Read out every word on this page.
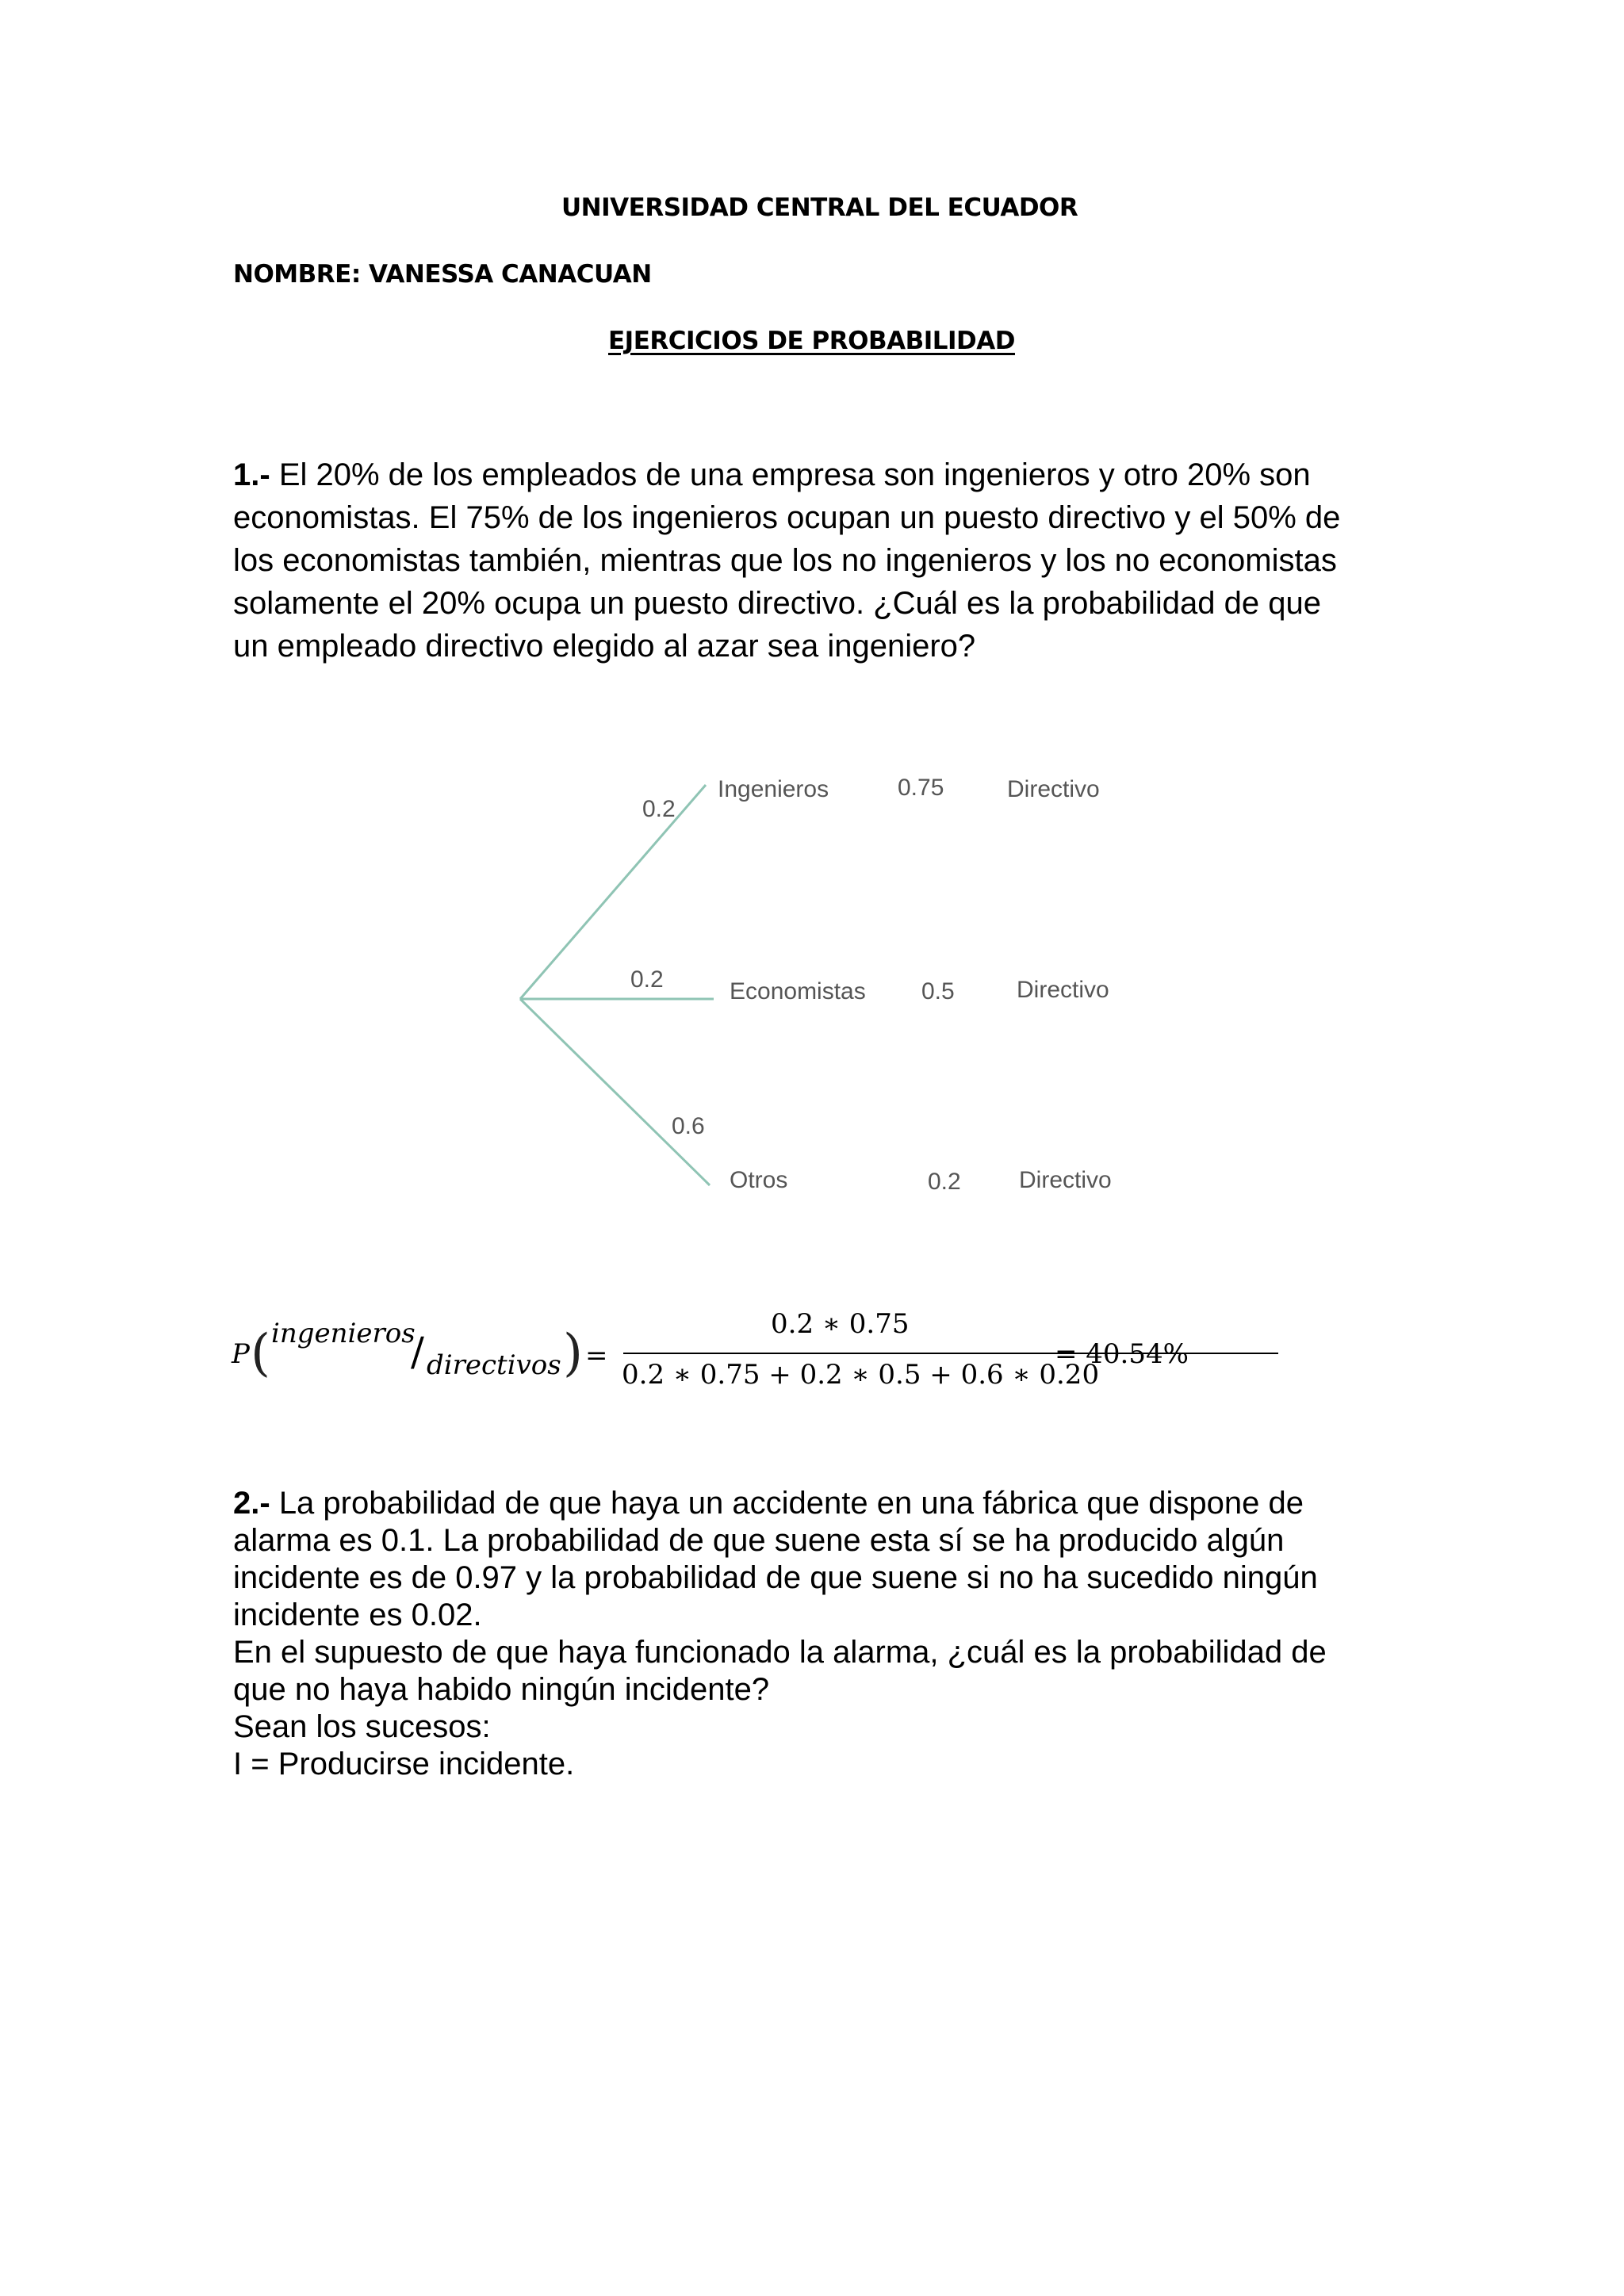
UNIVERSIDAD CENTRAL DEL ECUADOR
NOMBRE: VANESSA CANACUAN
EJERCICIOS DE PROBABILIDAD
1.- El 20% de los empleados de una empresa son ingenieros y otro 20% son
economistas. El 75% de los ingenieros ocupan un puesto directivo y el 50% de
los economistas también, mientras que los no ingenieros y los no economistas
solamente el 20% ocupa un puesto directivo. ¿Cuál es la probabilidad de que
un empleado directivo elegido al azar sea ingeniero?
0.2
Ingenieros	0.75	Directivo
0.2	Economistas 0.5	Directivo
0.6
Otros	0.2 Directivo
P ( ingenieros
/ directivos ) =
0.2 ∗ 0.75
0.2 ∗ 0.75 + 0.2 ∗ 0.5 + 0.6 ∗ 0.20
= 40.54%
2.- La probabilidad de que haya un accidente en una fábrica que dispone de
alarma es 0.1. La probabilidad de que suene esta sí se ha producido algún
incidente es de 0.97 y la probabilidad de que suene si no ha sucedido ningún
incidente es 0.02.
En el supuesto de que haya funcionado la alarma, ¿cuál es la probabilidad de
que no haya habido ningún incidente?
Sean los sucesos:
I = Producirse incidente.
